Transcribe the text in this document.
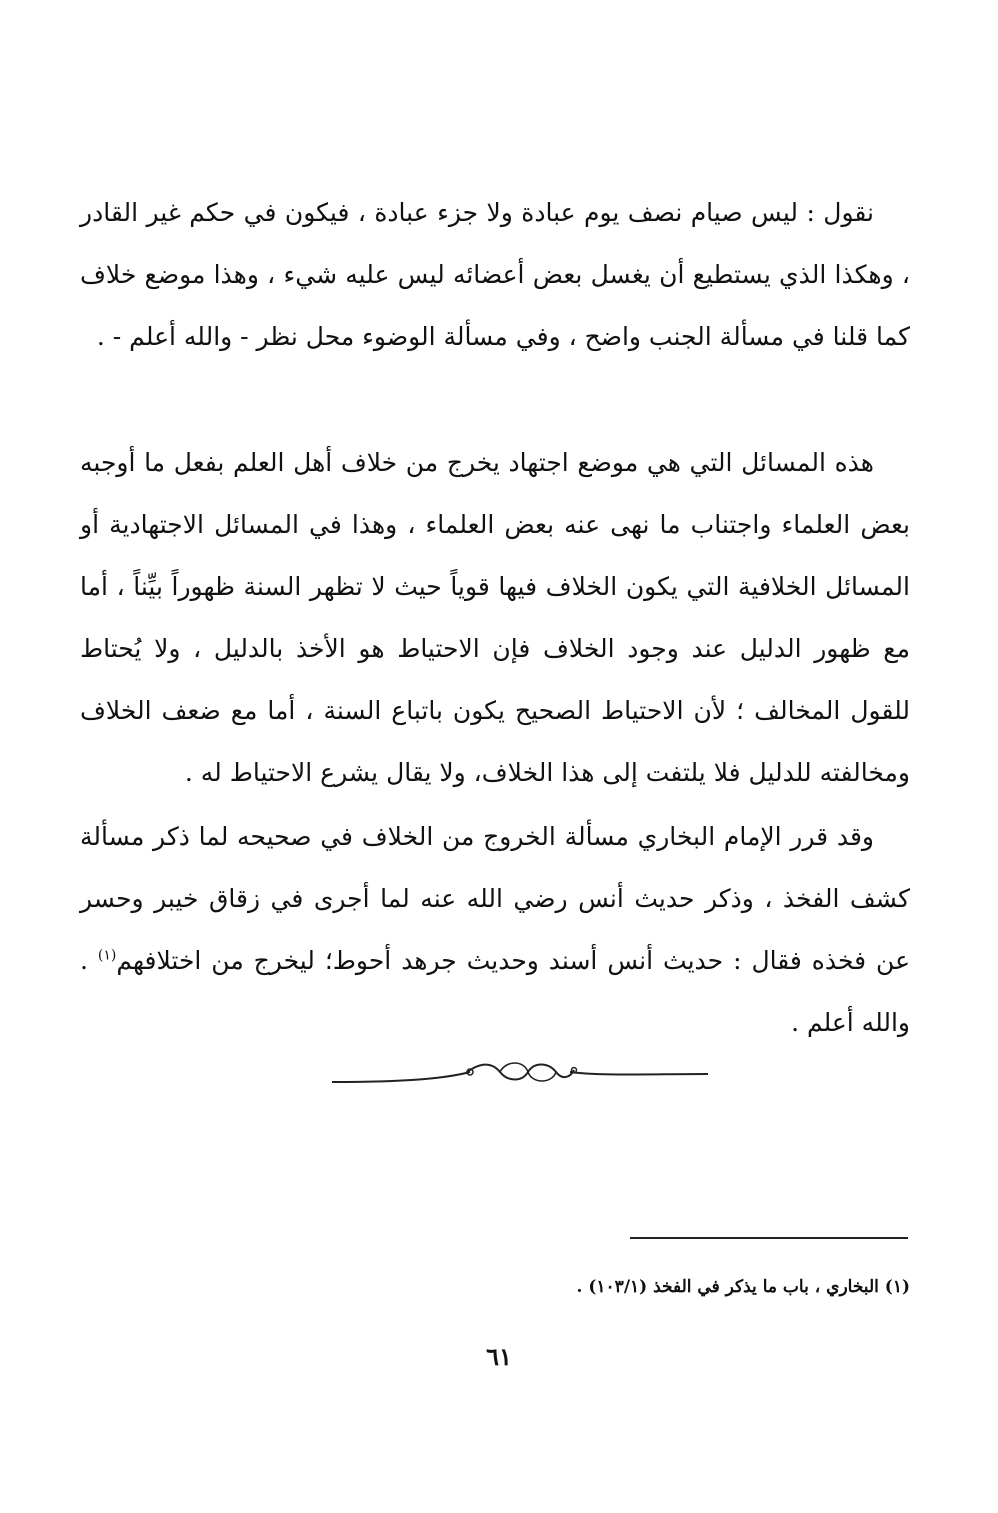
نقول : ليس صيام نصف يوم عبادة ولا جزء عبادة ، فيكون في حكم غير القادر ، وهكذا الذي يستطيع أن يغسل بعض أعضائه ليس عليه شيء ، وهذا موضع خلاف كما قلنا في مسألة الجنب واضح ، وفي مسألة الوضوء محل نظر - والله أعلم - .

هذه المسائل التي هي موضع اجتهاد يخرج من خلاف أهل العلم بفعل ما أوجبه بعض العلماء واجتناب ما نهى عنه بعض العلماء ، وهذا في المسائل الاجتهادية أو المسائل الخلافية التي يكون الخلاف فيها قوياً حيث لا تظهر السنة ظهوراً بيِّناً ، أما مع ظهور الدليل عند وجود الخلاف فإن الاحتياط هو الأخذ بالدليل ، ولا يُحتاط للقول المخالف ؛ لأن الاحتياط الصحيح يكون باتباع السنة ، أما مع ضعف الخلاف ومخالفته للدليل فلا يلتفت إلى هذا الخلاف، ولا يقال يشرع الاحتياط له .

وقد قرر الإمام البخاري مسألة الخروج من الخلاف في صحيحه لما ذكر مسألة كشف الفخذ ، وذكر حديث أنس رضي الله عنه لما أجرى في زقاق خيبر وحسر عن فخذه فقال : حديث أنس أسند وحديث جرهد أحوط؛ ليخرج من اختلافهم$^{(١)}$ . والله أعلم .

(١) البخاري ، باب ما يذكر في الفخذ (١٠٣/١) .
٦١
